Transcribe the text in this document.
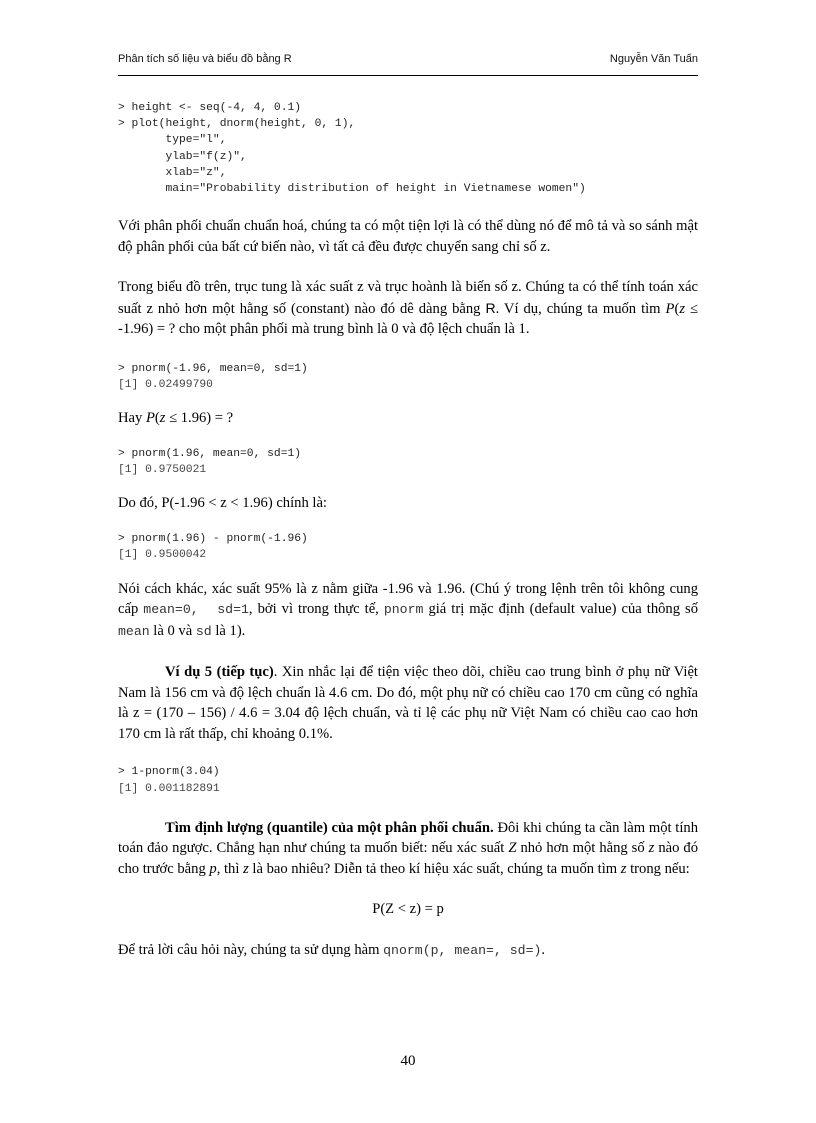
Phân tích số liệu và biểu đồ bằng R	Nguyễn Văn Tuấn
> height <- seq(-4, 4, 0.1)
> plot(height, dnorm(height, 0, 1),
type="l",
ylab="f(z)",
xlab="z",
main="Probability distribution of height in Vietnamese women")

Với phân phối chuẩn chuẩn hoá, chúng ta có một tiện lợi là có thể dùng nó để mô tả và so sánh mật độ phân phối của bất cứ biến nào, vì tất cả đều được chuyển sang chỉ số z.

Trong biểu đồ trên, trục tung là xác suất z và trục hoành là biến số z. Chúng ta có thể tính toán xác suất z nhỏ hơn một hằng số (constant) nào đó dê dàng bằng R. Ví dụ, chúng ta muốn tìm P(z ≤ -1.96) = ? cho một phân phối mà trung bình là 0 và độ lệch chuẩn là 1.

> pnorm(-1.96, mean=0, sd=1)
[1] 0.02499790

Hay P(z ≤ 1.96) = ?

> pnorm(1.96, mean=0, sd=1)
[1] 0.9750021

Do đó, P(-1.96 < z < 1.96) chính là:

> pnorm(1.96) - pnorm(-1.96)
[1] 0.9500042

Nói cách khác, xác suất 95% là z nằm giữa -1.96 và 1.96. (Chú ý trong lệnh trên tôi không cung cấp mean=0,  sd=1, bởi vì trong thực tế, pnorm giá trị mặc định (default value) của thông số mean là 0 và sd là 1).

Ví dụ 5 (tiếp tục). Xin nhắc lại để tiện việc theo dõi, chiều cao trung bình ở phụ nữ Việt Nam là 156 cm và độ lệch chuẩn là 4.6 cm. Do đó, một phụ nữ có chiều cao 170 cm cũng có nghĩa là z = (170 – 156) / 4.6 = 3.04 độ lệch chuẩn, và tỉ lệ các phụ nữ Việt Nam có chiều cao cao hơn 170 cm là rất thấp, chỉ khoảng 0.1%.

> 1-pnorm(3.04)
[1] 0.001182891

Tìm định lượng (quantile) của một phân phối chuẩn. Đôi khi chúng ta cần làm một tính toán đảo ngược. Chẳng hạn như chúng ta muốn biết: nếu xác suất Z nhỏ hơn một hằng số z nào đó cho trước bằng p, thì z là bao nhiêu? Diễn tả theo kí hiệu xác suất, chúng ta muốn tìm z trong nếu:

P(Z < z) = p

Để trả lời câu hỏi này, chúng ta sử dụng hàm qnorm(p, mean=, sd=).

40
